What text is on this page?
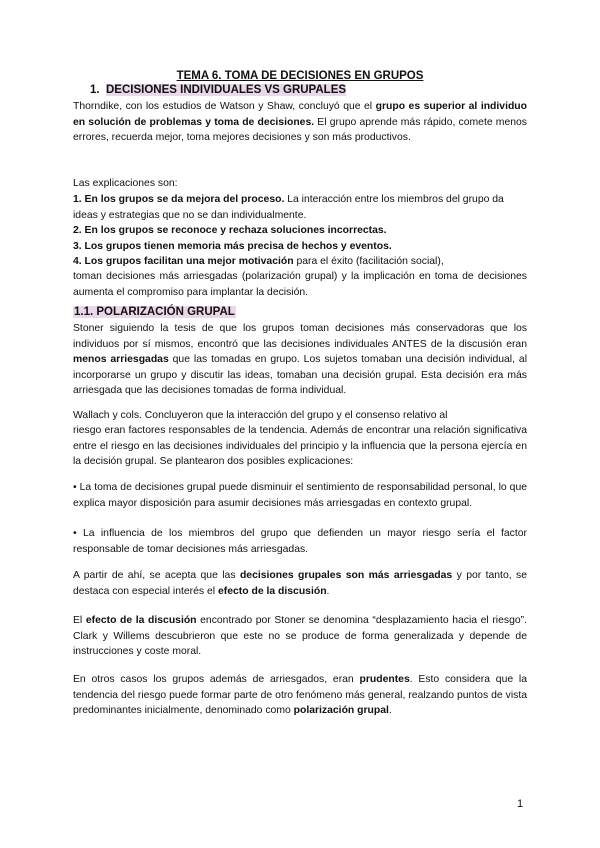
TEMA 6. TOMA DE DECISIONES EN GRUPOS
1. DECISIONES INDIVIDUALES VS GRUPALES

Thorndike, con los estudios de Watson y Shaw, concluyó que el grupo es superior al individuo en solución de problemas y toma de decisiones. El grupo aprende más rápido, comete menos errores, recuerda mejor, toma mejores decisiones y son más productivos.

Las explicaciones son:

1. En los grupos se da mejora del proceso. La interacción entre los miembros del grupo da ideas y estrategias que no se dan individualmente.

2. En los grupos se reconoce y rechaza soluciones incorrectas.

3. Los grupos tienen memoria más precisa de hechos y eventos.

4. Los grupos facilitan una mejor motivación para el éxito (facilitación social),

toman decisiones más arriesgadas (polarización grupal) y la implicación en toma de decisiones aumenta el compromiso para implantar la decisión.

1.1. POLARIZACIÓN GRUPAL

Stoner siguiendo la tesis de que los grupos toman decisiones más conservadoras que los individuos por sí mismos, encontró que las decisiones individuales ANTES de la discusión eran menos arriesgadas que las tomadas en grupo. Los sujetos tomaban una decisión individual, al incorporarse un grupo y discutir las ideas, tomaban una decisión grupal. Esta decisión era más arriesgada que las decisiones tomadas de forma individual.

Wallach y cols. Concluyeron que la interacción del grupo y el consenso relativo al

riesgo eran factores responsables de la tendencia. Además de encontrar una relación significativa entre el riesgo en las decisiones individuales del principio y la influencia que la persona ejercía en la decisión grupal. Se plantearon dos posibles explicaciones:

• La toma de decisiones grupal puede disminuir el sentimiento de responsabilidad personal, lo que explica mayor disposición para asumir decisiones más arriesgadas en contexto grupal.

• La influencia de los miembros del grupo que defienden un mayor riesgo sería el factor responsable de tomar decisiones más arriesgadas.

A partir de ahí, se acepta que las decisiones grupales son más arriesgadas y por tanto, se destaca con especial interés el efecto de la discusión.

El efecto de la discusión encontrado por Stoner se denomina “desplazamiento hacia el riesgo”. Clark y Willems descubrieron que este no se produce de forma generalizada y depende de instrucciones y coste moral.

En otros casos los grupos además de arriesgados, eran prudentes. Esto considera que la tendencia del riesgo puede formar parte de otro fenómeno más general, realzando puntos de vista predominantes inicialmente, denominado como polarización grupal.

1
